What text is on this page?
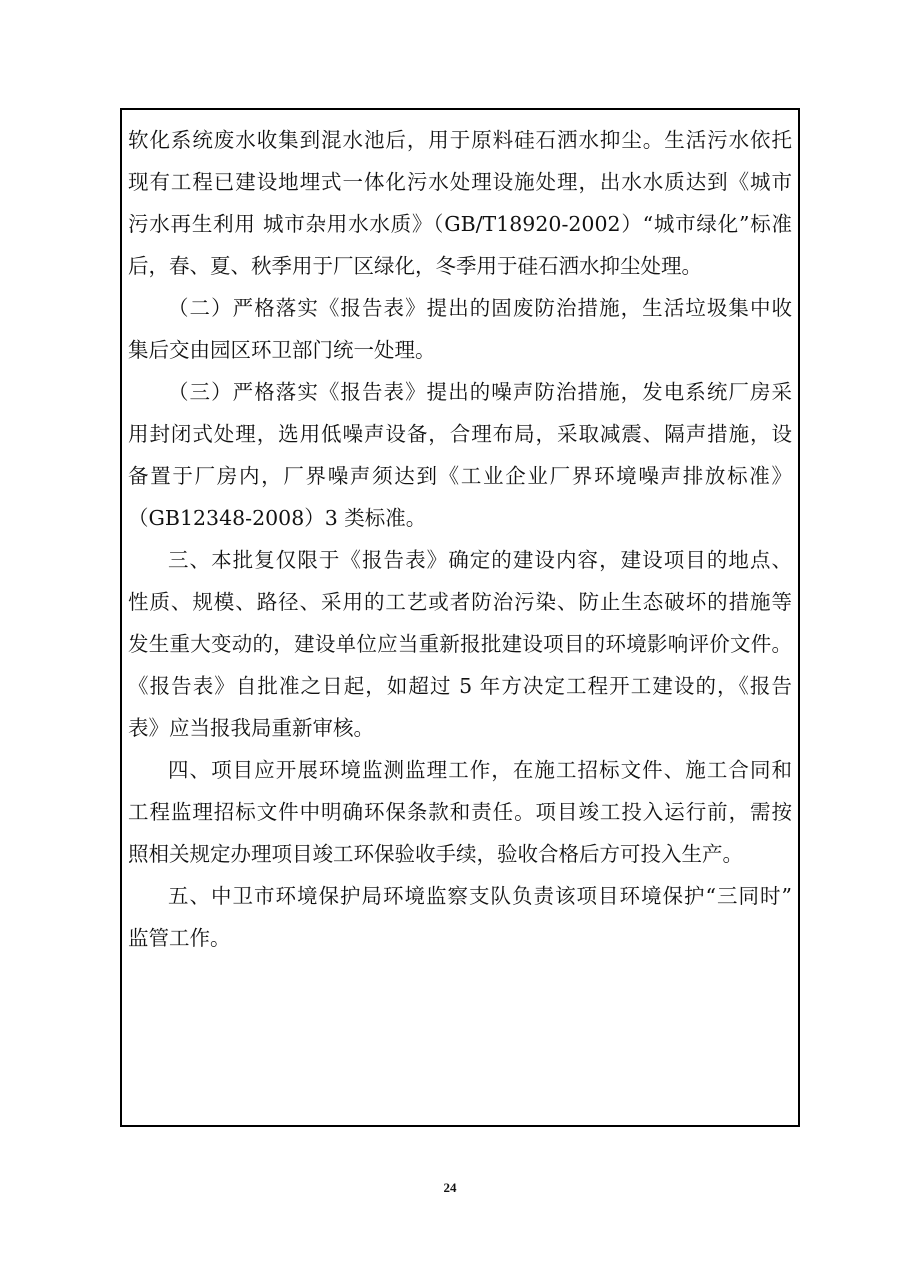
软化系统废水收集到混水池后，用于原料硅石洒水抑尘。生活污水依托
现有工程已建设地埋式一体化污水处理设施处理，出水水质达到《城市
污水再生利用 城市杂用水水质》（GB/T18920-2002）“城市绿化”标准
后，春、夏、秋季用于厂区绿化，冬季用于硅石洒水抑尘处理。
（二）严格落实《报告表》提出的固废防治措施，生活垃圾集中收
集后交由园区环卫部门统一处理。
（三）严格落实《报告表》提出的噪声防治措施，发电系统厂房采
用封闭式处理，选用低噪声设备，合理布局，采取减震、隔声措施，设
备置于厂房内，厂界噪声须达到《工业企业厂界环境噪声排放标准》
（GB12348-2008）3 类标准。
三、本批复仅限于《报告表》确定的建设内容，建设项目的地点、
性质、规模、路径、采用的工艺或者防治污染、防止生态破坏的措施等
发生重大变动的，建设单位应当重新报批建设项目的环境影响评价文件。
《报告表》自批准之日起，如超过 5 年方决定工程开工建设的，《报告
表》应当报我局重新审核。
四、项目应开展环境监测监理工作，在施工招标文件、施工合同和
工程监理招标文件中明确环保条款和责任。项目竣工投入运行前，需按
照相关规定办理项目竣工环保验收手续，验收合格后方可投入生产。
五、中卫市环境保护局环境监察支队负责该项目环境保护“三同时”
监管工作。
24
